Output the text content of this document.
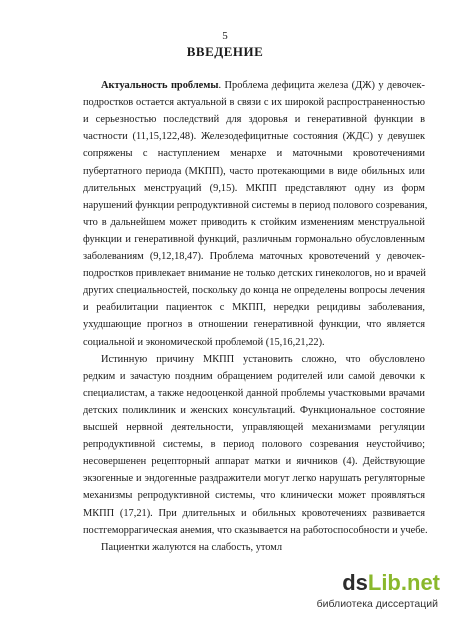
5
ВВЕДЕНИЕ
Актуальность проблемы. Проблема дефицита железа (ДЖ) у девочек-
подростков остается актуальной в связи с их широкой распространенностью
и серьезностью последствий для здоровья и генеративной функции в
частности (11,15,122,48). Железодефицитные состояния (ЖДС) у девушек
сопряжены с наступлением менархе и маточными кровотечениями
пубертатного периода (МКПП), часто протекающими в виде обильных или
длительных менструаций (9,15). МКПП представляют одну из форм
нарушений функции репродуктивной системы в период полового созревания,
что в дальнейшем может приводить к стойким изменениям менструальной
функции и генеративной функций, различным гормонально обусловленным
заболеваниям (9,12,18,47). Проблема маточных кровотечений у девочек-
подростков привлекает внимание не только детских гинекологов, но и врачей
других специальностей, поскольку до конца не определены вопросы лечения
и реабилитации пациенток с МКПП, нередки рецидивы заболевания,
ухудшающие прогноз в отношении генеративной функции, что является
социальной и экономической проблемой (15,16,21,22).
Истинную причину МКПП установить сложно, что обусловлено
редким и зачастую поздним обращением родителей или самой девочки к
специалистам, а также недооценкой данной проблемы участковыми врачами
детских поликлиник и женских консультаций. Функциональное состояние
высшей нервной деятельности, управляющей механизмами регуляции
репродуктивной системы, в период полового созревания неустойчиво;
несовершенен рецепторный аппарат матки и яичников (4). Действующие
экзогенные и эндогенные раздражители могут легко нарушать регуляторные
механизмы репродуктивной системы, что клинически может проявляться
МКПП (17,21). При длительных и обильных кровотечениях развивается
постгеморрагическая анемия, что сказывается на работоспособности и учебе.
Пациентки жалуются на слабость, утомл
dsLib.net
библиотека диссертаций
